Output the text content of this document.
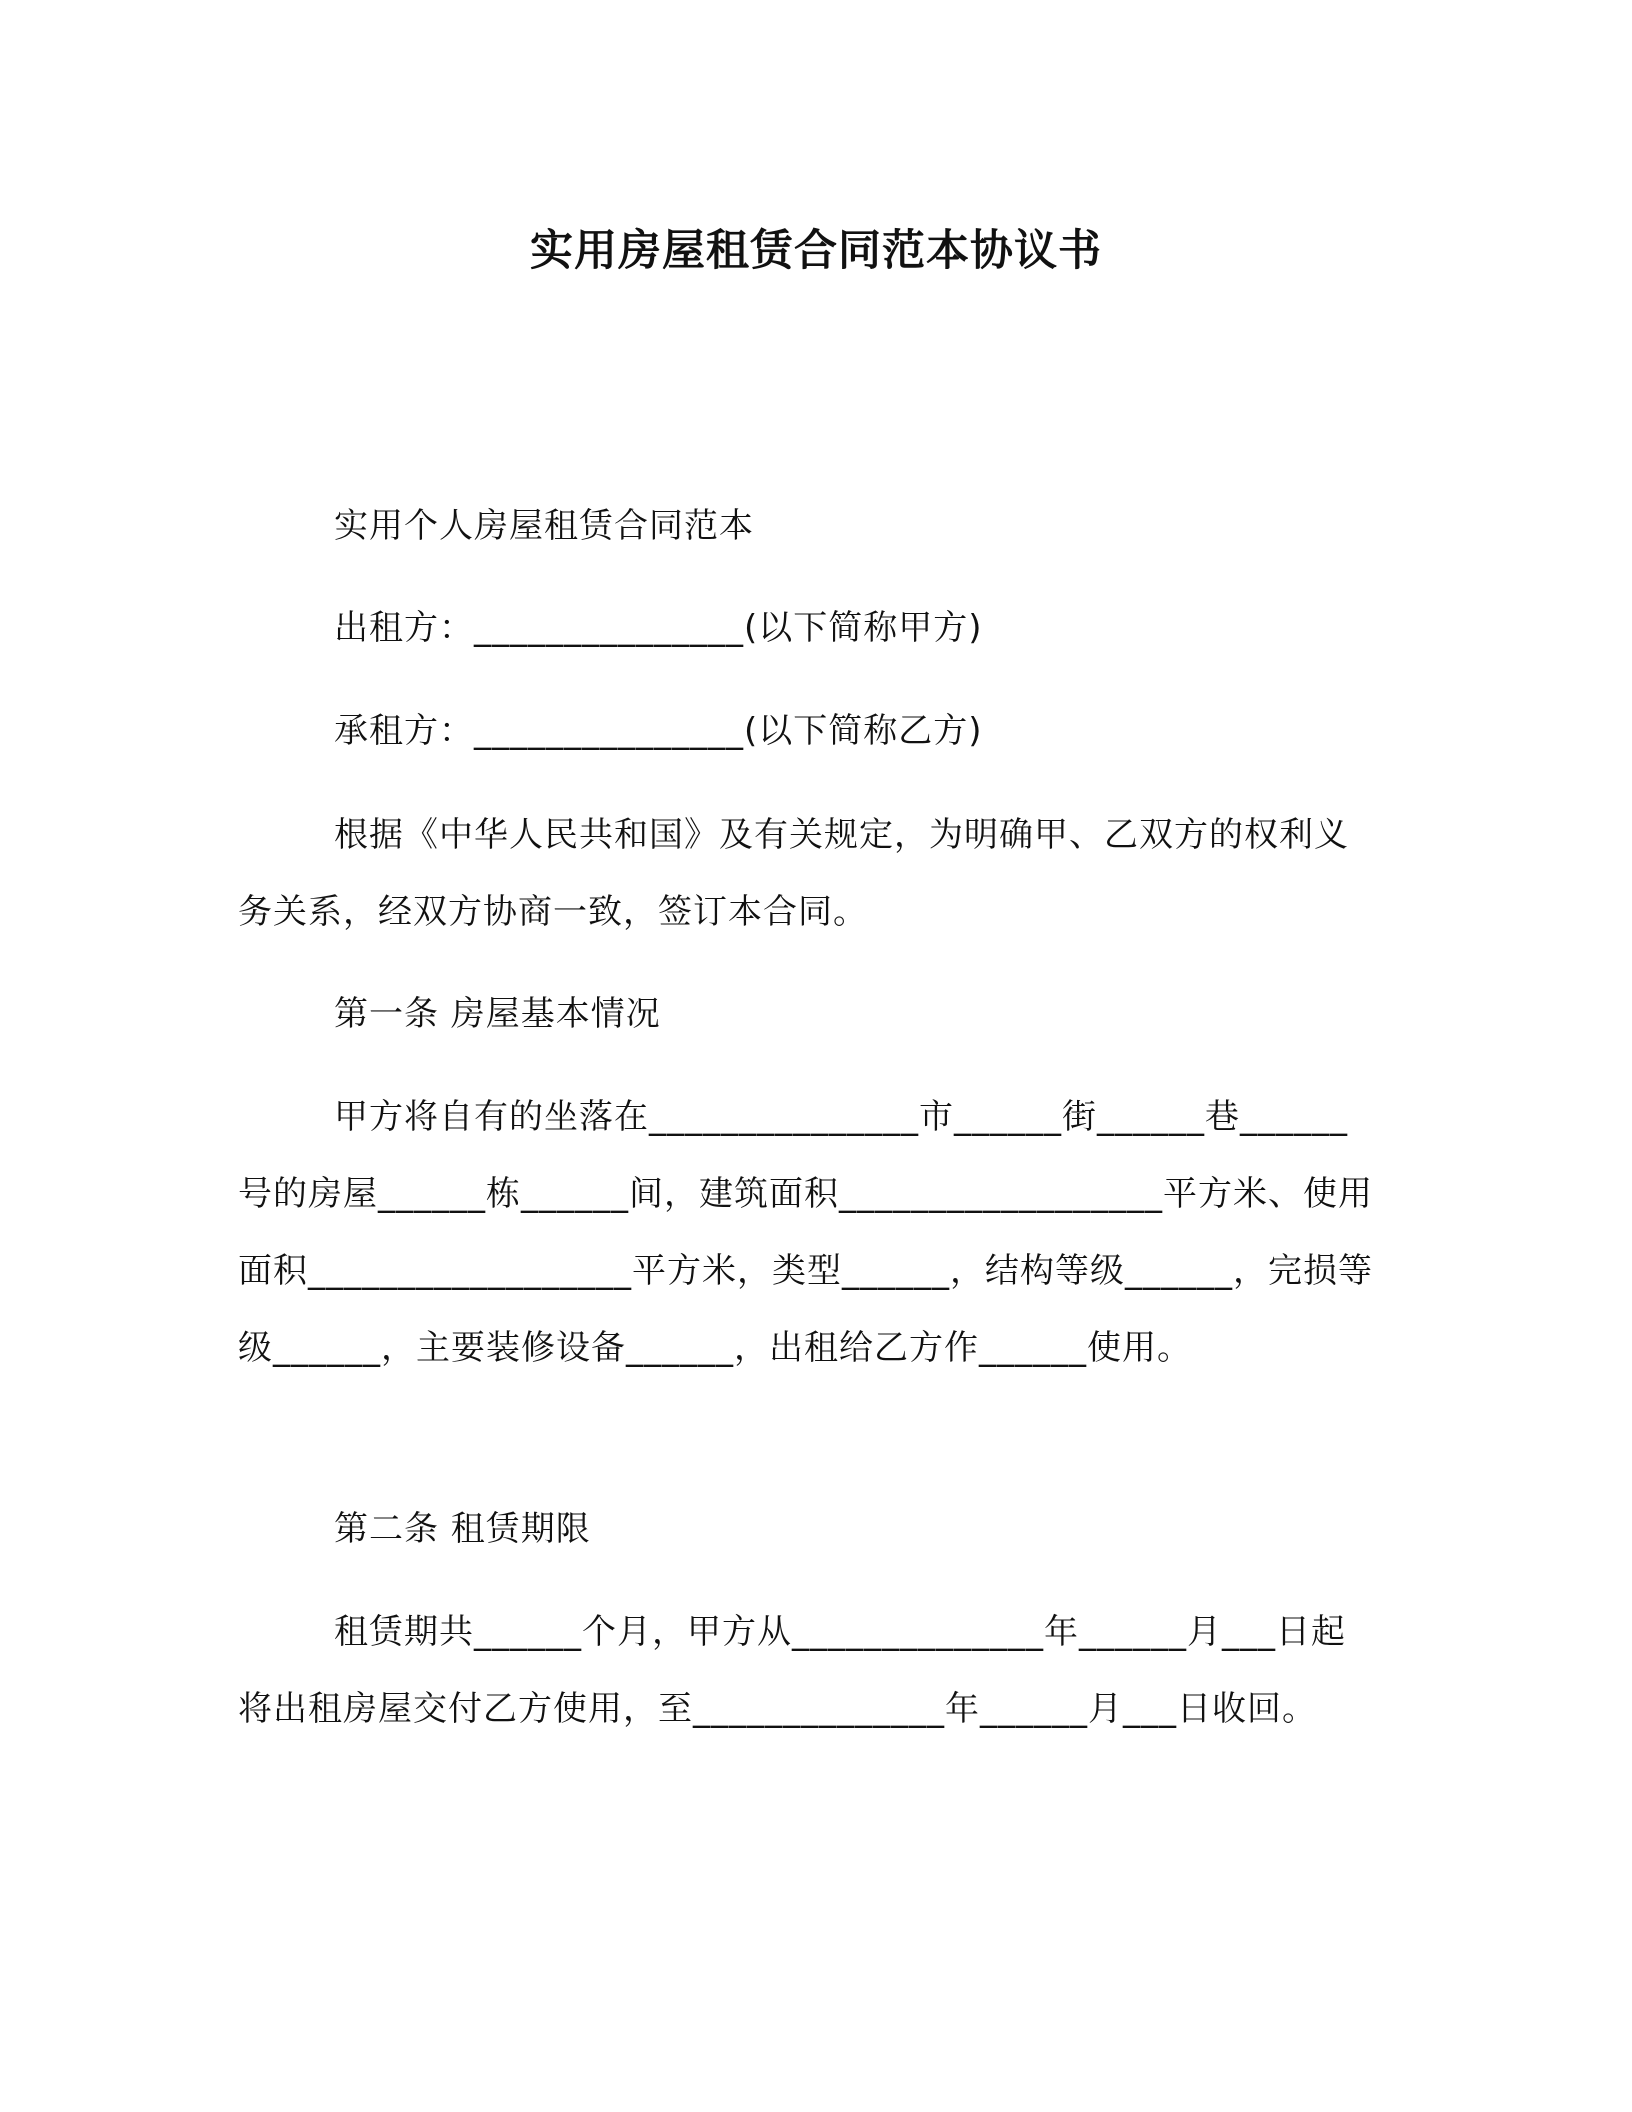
实用房屋租赁合同范本协议书
实用个人房屋租赁合同范本
出租方：_______________(以下简称甲方)
承租方：_______________(以下简称乙方)
根据《中华人民共和国》及有关规定，为明确甲、乙双方的权利义务关系，经双方协商一致，签订本合同。
第一条 房屋基本情况
甲方将自有的坐落在_______________市______街______巷______号的房屋______栋______间，建筑面积__________________平方米、使用面积__________________平方米，类型______，结构等级______，完损等级______，主要装修设备______，出租给乙方作______使用。
第二条 租赁期限
租赁期共______个月，甲方从______________年______月___日起将出租房屋交付乙方使用，至______________年______月___日收回。
